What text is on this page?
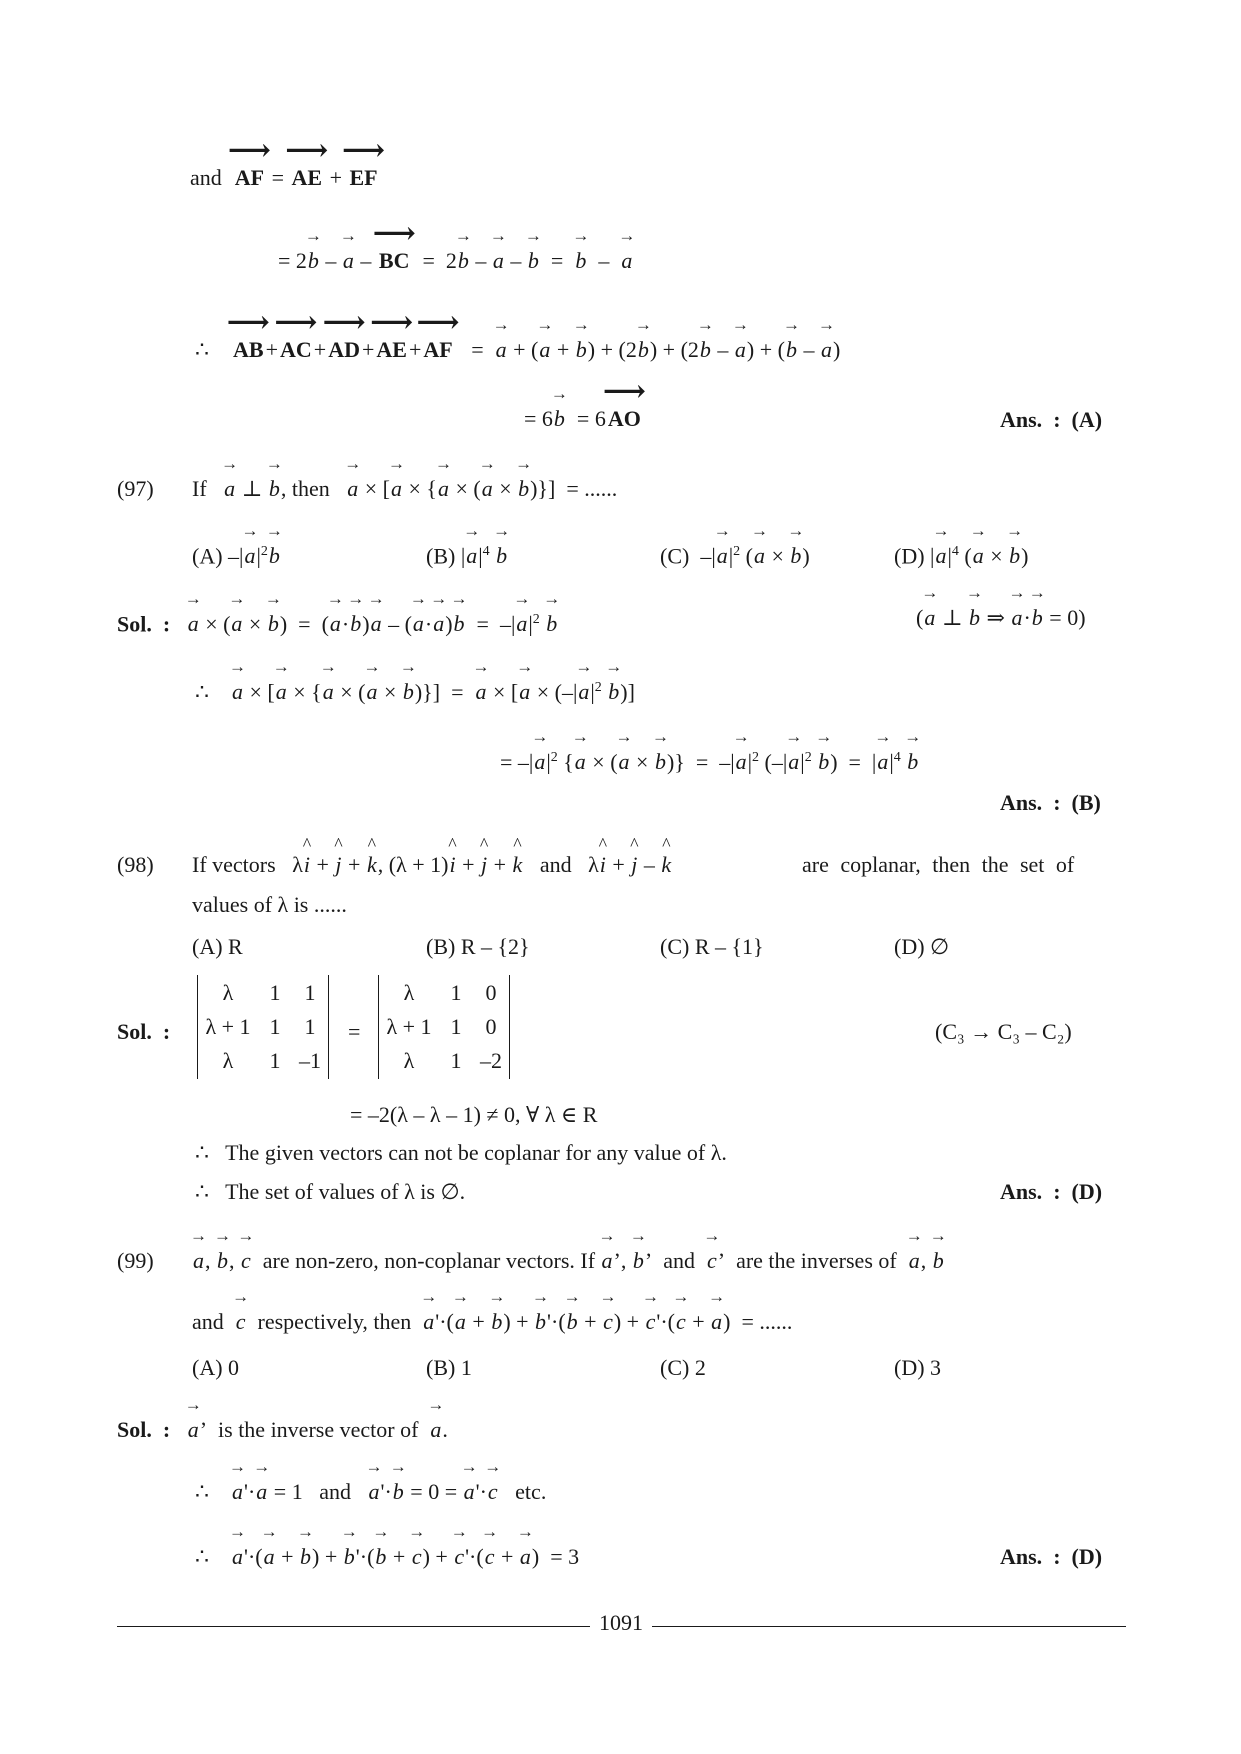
and ⟶ AF = ⟶ AE + ⟶ EF
= 2→ b – → a – ⟶ BC  =  2→ b – → a – → b  =  → b  –  → a
∴ ⟶ AB+⟶ AC+⟶ AD+⟶ AE+⟶ AF   =  → a + (→ a + → b) + (2→ b) + (2→ b – → a) + (→ b – → a)
= 6→ b  = 6⟶ AO	Ans. : (A)
(97) If → a ⊥ → b, then → a × [→ a × {→ a × (→ a × → b)}]  = ......
(A) –|→ $a|^2\to b$	(B) |→ $a|^4 \to b$	(C)  –|→ $a|^2$ (→ a × → b)	(D) |→ $a|^4$ (→ a × → b)
Sol. : → a × (→ a × → b)  =  (→ a·→ b)→ a – (→ a·→ a)→ b  =  –|→ $a|^2 \to b$	(→ a ⊥ → b ⇒ → a·→ b = 0)
∴ → a × [→ a × {→ a × (→ a × → b)}]  =  → a × [→ a × (–|→ $a|^2 \to b$)]
= –|→ $a|^2$ {→ a × (→ a × → b)}  =  –|→ $a|^2$ (–|→ $a|^2 \to b$)  =  |→ $a|^4 \to b$
Ans. : (B)
(98) If vectors   λ^ i + ^ j + ^ k, (λ + 1)^ i + ^ j + ^ k and   λ^ i + ^ j – ^ k	are coplanar, then the set of
values of λ is ......
(A) R	(B) R – {2}	(C) R – {1}	(D) ∅
Sol. :
λ	1	1
λ + 1 1	1
λ	1 –1
=
λ	1	0
λ + 1 1	0
λ	1 –2
(C₃ → C₃ – C₂)
= –2(λ – λ – 1) ≠ 0, ∀ λ ∈ R
∴ The given vectors can not be coplanar for any value of λ.
∴ The set of values of λ is ∅.	Ans. : (D)
(99) → a, → b, → c are non-zero, non-coplanar vectors. If → a’, → b’  and → c’  are the inverses of → a, → b
and → c respectively, then → a'·(→ a + → b) + → b'·(→ b + → c) + → c'·(→ c + → a)  = ......
(A) 0	(B) 1	(C) 2	(D) 3
Sol. : → a’  is the inverse vector of → a.
∴ → a'·→ a = 1   and → a'·→ b = 0 = → a'·→ c etc.
∴ → a'·(→ a + → b) + → b'·(→ b + → c) + → c'·(→ c + → a)  = 3	Ans. : (D)
1091
